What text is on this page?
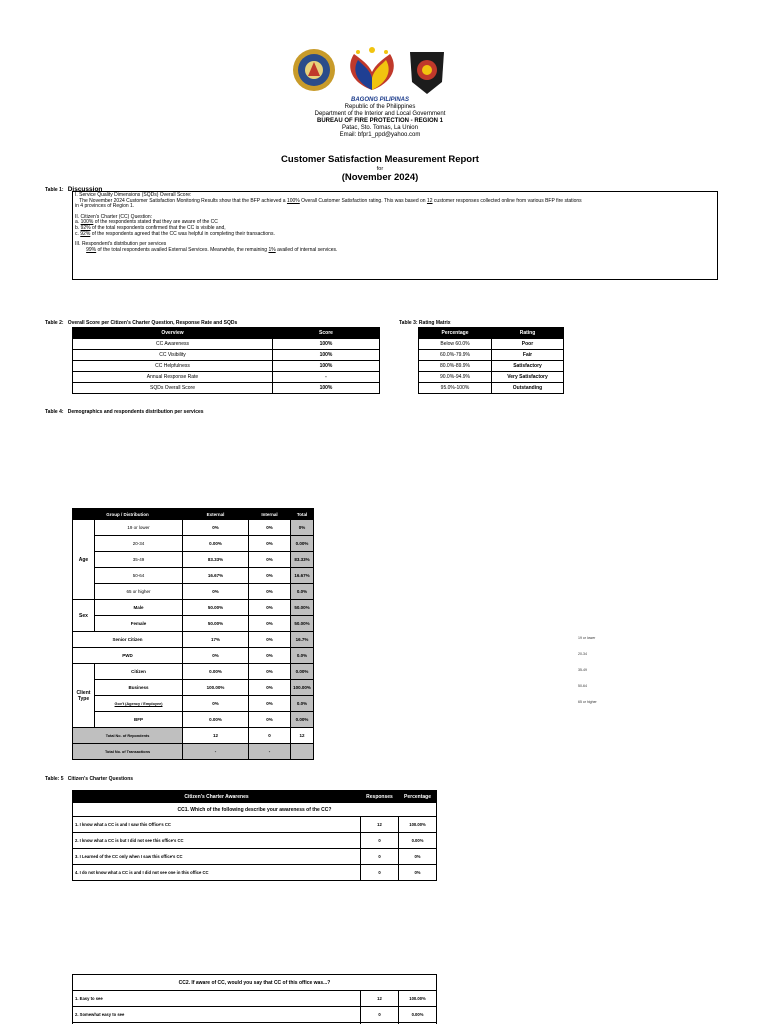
BAGONG PILIPINAS
Republic of the Philippines
Department of the Interior and Local Government
BUREAU OF FIRE PROTECTION - REGION 1
Patac, Sto. Tomas, La Union
Email: bfpr1_ppd@yahoo.com
Customer Satisfaction Measurement Report
for
(November 2024)
Table 1: Discussion

I. Service Quality Dimensions (SQDs) Overall Score:

The November 2024 Customer Satisfaction Monitoring Results show that the BFP achieved a 100% Overall Customer Satisfaction rating. This was based on 12 customer responses collected online from various BFP fire stations

in 4 provinces of Region 1.

II. Citizen's Charter (CC) Question:

a. 100% of the respondents stated that they are aware of the CC

b. 92% of the total respondents confirmed that the CC is visible and,

c. 92% of the respondents agreed that the CC was helpful in completing their transactions.

III. Respondent's distribution per services

99% of the total respondents availed External Services. Meanwhile, the remaining 1% availed of internal services.

Table 2: Overall Score per Citizen's Charter Question, Response Rate and SQDs
Overview	Score
CC Awareness	100%
CC Visibility	100%
CC Helpfulness	100%
Annual Response Rate	-
SQDs Overall Score	100%
Table 3: Rating Matrix
Percentage	Rating
Below 60.0%	Poor
60.0%-79.9%	Fair
80.0%-89.9%	Satisfactory
90.0%-94.9%	Very Satisfactory
95.0%-100%	Outstanding
Table 4: Demographics and respondents distribution per services
Group / Distribution		External	Internal	Total
Age	19 or lower	0%	0%	0%
	20-34	0.00%	0%	0.00%
	35-49	83.33%	0%	83.33%
	50-64	16.67%	0%	16.67%
	65 or higher	0%	0%	0.0%
Sex	Male	50.00%	0%	50.00%
	Female	50.00%	0%	50.00%
Senior Citizen		17%	0%	16.7%
PWD		0%	0%	0.0%
Client Type	Citizen	0.00%	0%	0.00%
	Business	100.00%	0%	100.00%
	Gov't (Agency / Employee)	0%	0%	0.0%
	BFP	0.00%	0%	0.00%
Total No. of Repondents		12	0	12
Total No. of Transactions		-	-	
19 or lower
20-34
35-49
50-64
65 or higher
Table: 5 Citizen's Charter Questions
Citizen's Charter Awarenes	Responses	Percentage
CC1. Which of the following describe your awareness of the CC?		
1. I know what a CC is and I saw this Office's CC	12	100.00%
2. I know what a CC is but I did not see this office's CC	0	0.00%
3. I Learned of the CC only when I saw this office's CC	0	0%
4. I do not know what a CC is and I did not see one in this office CC	0	0%
CC2. If aware of CC, would you say that CC of this office was...?		
1. Easy to see	12	100.00%
2. Somewhat easy to see	0	0.00%
